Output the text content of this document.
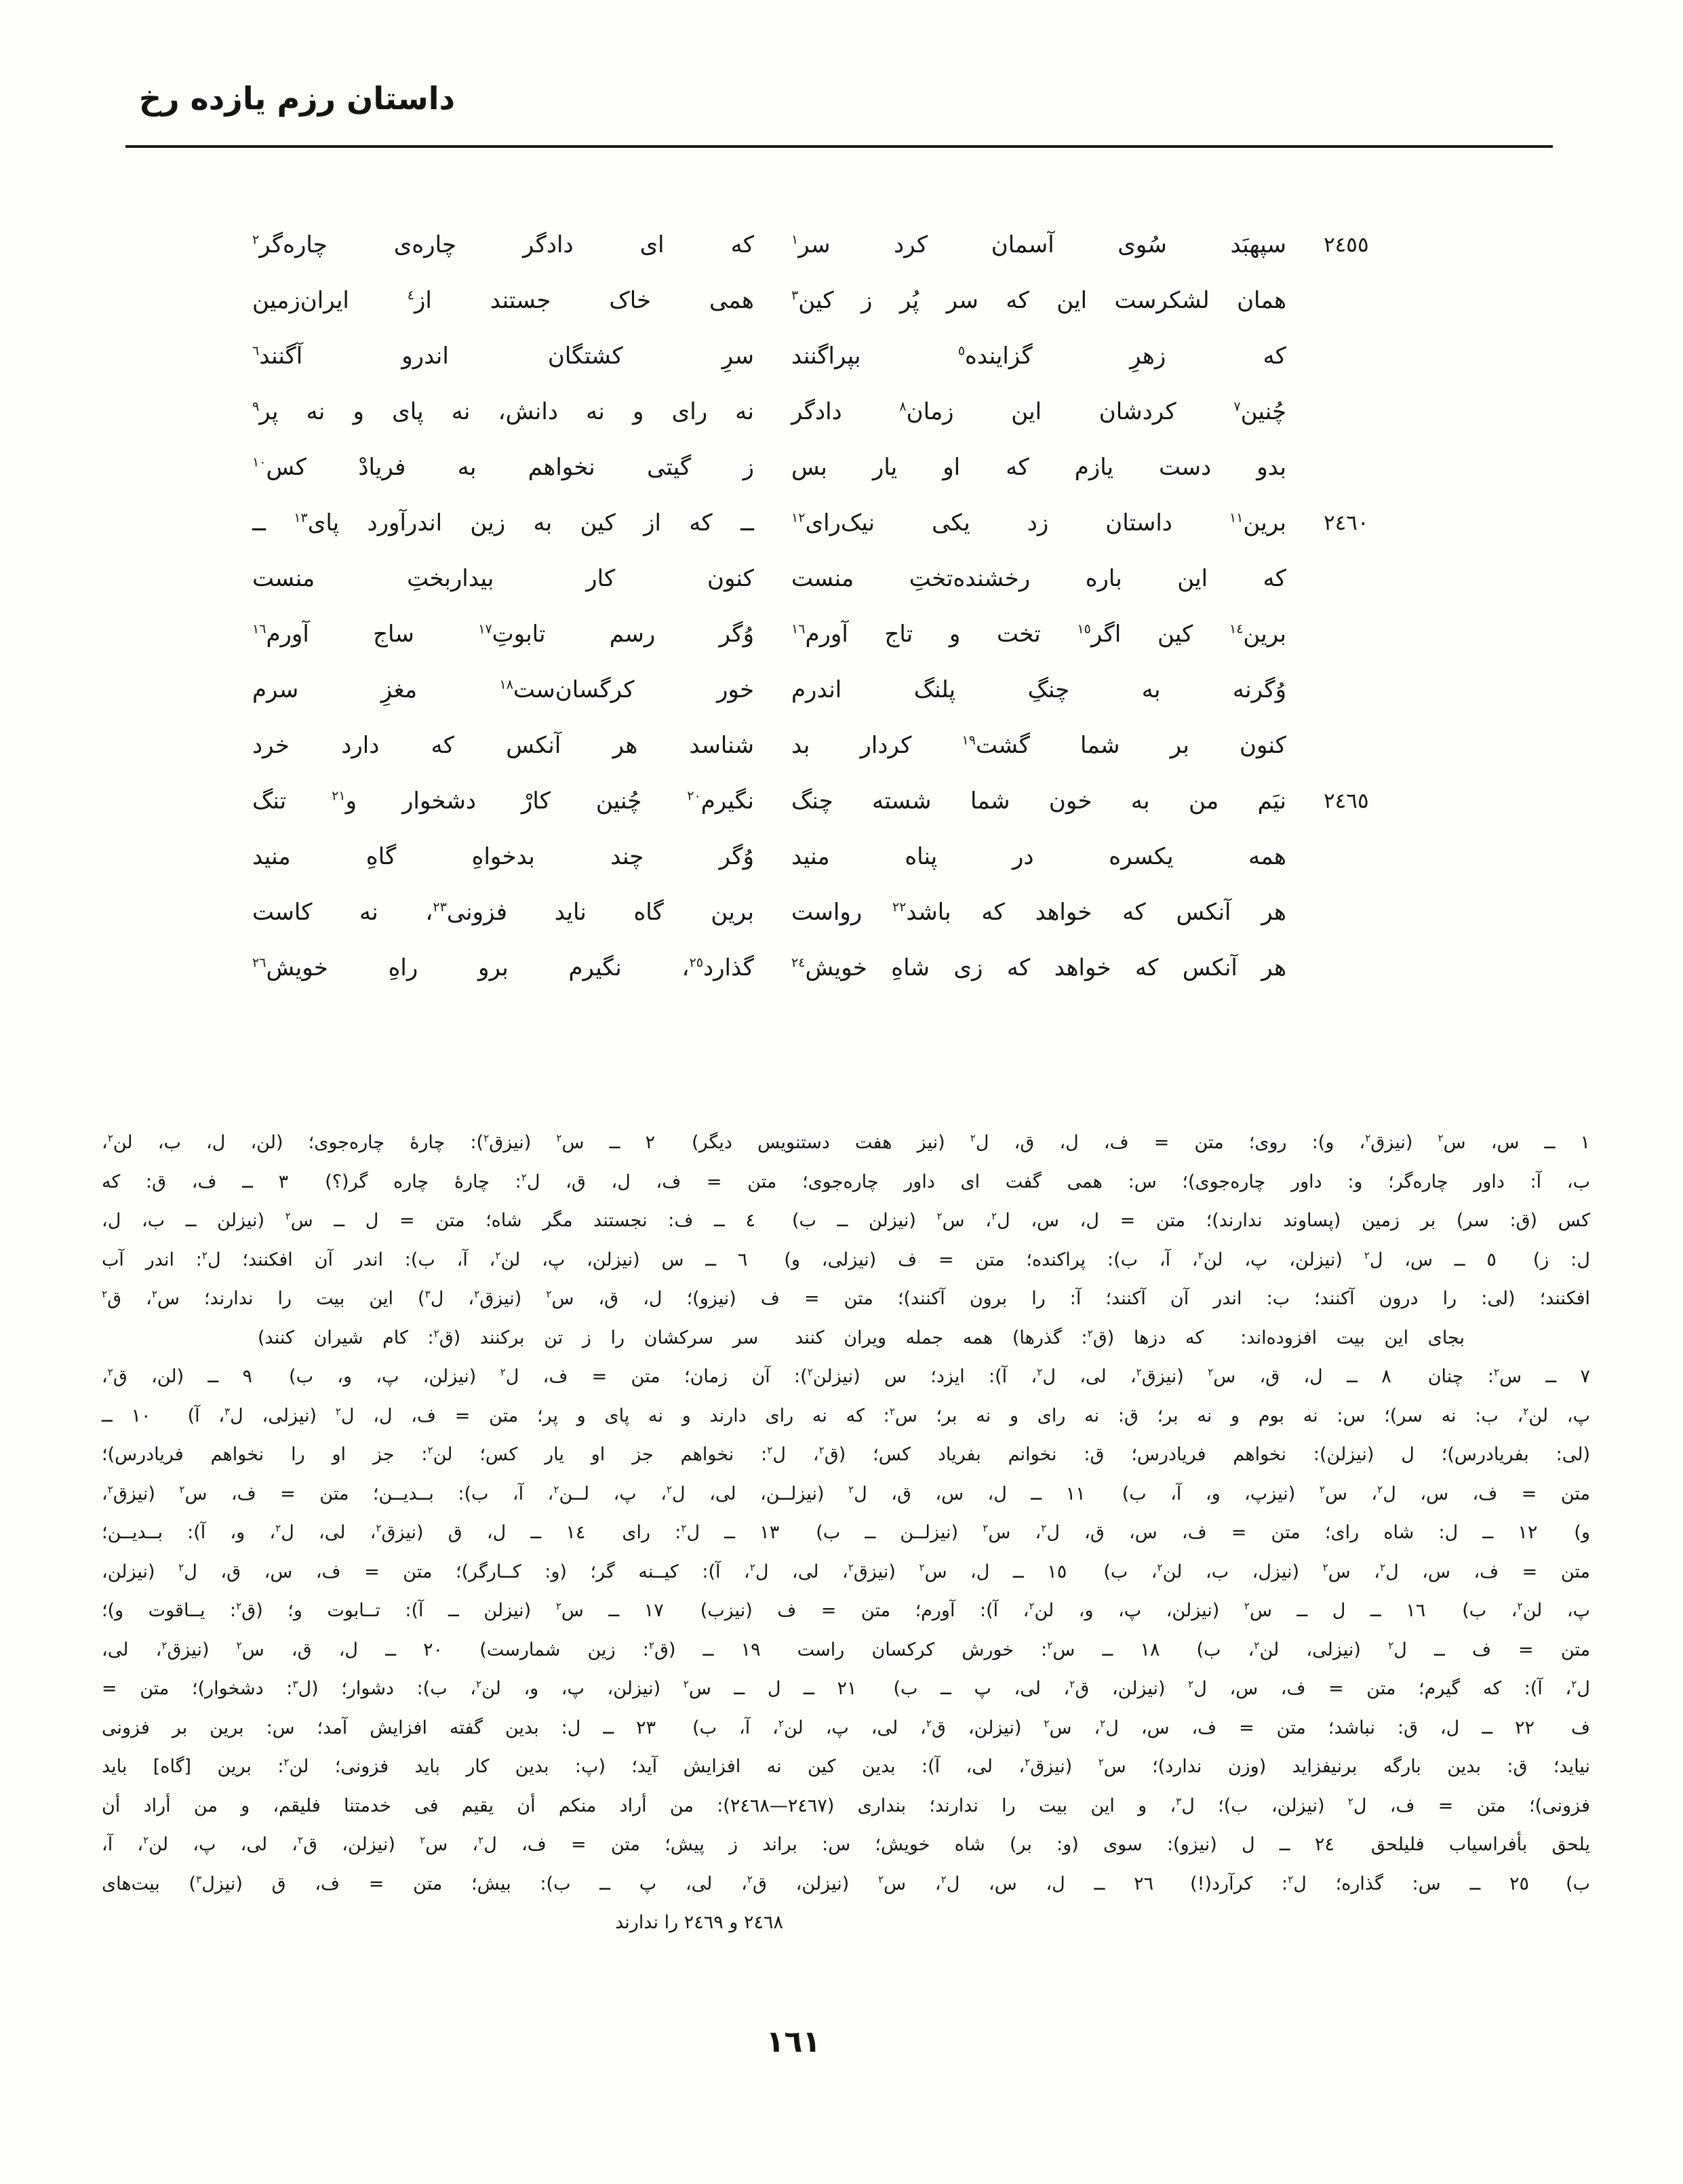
داستان رزم یازده رخ
٢٤٥٥
سپهبَد سُوی آسمان کرد سر$^١$
که ای دادگر چاره‌ی چاره‌گر$^٢$
همان لشکرست این که سر پُر ز کین$^٣$
همی خاک جستند از$^٤$ ایران‌زمین
که زهرِ گزاینده$^٥$ بپراگنند
سرِ کشتگان اندرو آگنند$^٦$
چُنین$^٧$ کردشان این زمان$^٨$ دادگر
نه رای و نه دانش، نه پای و نه پر$^٩$
بدو دست یازم که او یار بس
ز گیتی نخواهم به فریادْ کس$^{١٠}$
٢٤٦٠
برین$^{١١}$ داستان زد یکی نیک‌رای$^{١٢}$
ــ که از کین به زین اندرآورد پای$^{١٣}$ ــ
که این باره رخشنده‌تختِ منست
کنون کار بیداربختِ منست
برین$^{١٤}$ کین اگر$^{١٥}$ تخت و تاج آورم$^{١٦}$
وُگر رسم تابوتِ$^{١٧}$ ساج آورم$^{١٦}$
وُگرنه به چنگِ پلنگ اندرم
خور کرگسان‌ست$^{١٨}$ مغزِ سرم
کنون بر شما گشت$^{١٩}$ کردار بد
شناسد هر آنکس که دارد خرد
٢٤٦٥
نیَم من به خون شما شسته چنگ
نگیرم$^{٢٠}$ چُنین کارْ دشخوار و$^{٢١}$ تنگ
همه یکسره در پناه منید
وُگر چند بدخواهِ گاهِ منید
هر آنکس که خواهد که باشد$^{٢٢}$ رواست
برین گاه ناید فزونی$^{٢٣}$، نه کاست
هر آنکس که خواهد که زی شاهِ خویش$^{٢٤}$
گذارد$^{٢٥}$، نگیرم برو راهِ خویش$^{٢٦}$
١ ــ س، س$^٢$ (نیزق$^٢$، و): روی؛ متن = ف، ل، ق، ل$^٢$ (نیز هفت دستنویس دیگر)  ٢ ــ س$^٢$ (نیزق$^٢$): چارهٔ چاره‌جوی؛ (لن، ل، ب، لن$^٢$،
ب، آ: داور چاره‌گر؛ و: داور چاره‌جوی)؛ س: همی گفت ای داور چاره‌جوی؛ متن = ف، ل، ق، ل$^٢$: چارهٔ چاره گر(؟)  ٣ ــ ف، ق: که
کس (ق: سر) بر زمین (پساوند ندارند)؛ متن = ل، س، ل$^٢$، س$^٢$ (نیزلن ــ ب)  ٤ ــ ف: نجستند مگر شاه؛ متن = ل ــ س$^٢$ (نیزلن ــ ب، ل،
ل: ز)  ٥ ــ س، ل$^٢$ (نیزلن، پ، لن$^٢$، آ، ب): پراکنده؛ متن = ف (نیزلی، و)  ٦ ــ س (نیزلن، پ، لن$^٢$، آ، ب): اندر آن افکنند؛ ل$^٢$: اندر آب
افکنند؛ (لی: را درون آکنند؛ ب: اندر آن آکنند؛ آ: را برون آکنند)؛ متن = ف (نیزو)؛ ل، ق، س$^٢$ (نیزق$^٢$، ل$^٣$) این بیت را ندارند؛ س$^٢$، ق$^٢$
بجای این بیت افزوده‌اند:  که دزها (ق$^٢$: گذرها) همه جمله ویران کنند  سر سرکشان را ز تن برکنند (ق$^٢$: کام شیران کنند)
٧ ــ س$^٢$: چنان  ٨ ــ ل، ق، س$^٢$ (نیزق$^٢$، لی، ل$^٢$، آ): ایزد؛ س (نیزلن$^٢$): آن زمان؛ متن = ف، ل$^٢$ (نیزلن، پ، و، ب)  ٩ ــ (لن، ق$^٢$،
پ، لن$^٢$، ب: نه سر)؛ س: نه بوم و نه بر؛ ق: نه رای و نه بر؛ س$^٢$: که نه رای دارند و نه پای و پر؛ متن = ف، ل، ل$^٢$ (نیزلی، ل$^٣$، آ)  ١٠ ــ
(لی: بفریادرس)؛ ل (نیزلن): نخواهم فریادرس؛ ق: نخوانم بفریاد کس؛ (ق$^٢$، ل$^٢$: نخواهم جز او یار کس؛ لن$^٢$: جز او را نخواهم فریادرس)؛
متن = ف، س، ل$^٢$، س$^٢$ (نیزپ، و، آ، ب)  ١١ ــ ل، س، ق، ل$^٢$ (نیزلــن، لی، ل$^٢$، پ، لــن$^٢$، آ، ب): بــدیــن؛ متن = ف، س$^٢$ (نیزق$^٢$،
و)  ١٢ ــ ل: شاه رای؛ متن = ف، س، ق، ل$^٢$، س$^٢$ (نیزلــن ــ ب)  ١٣ ــ ل$^٢$: رای  ١٤ ــ ل، ق (نیزق$^٢$، لی، ل$^٢$، و، آ): بــدیــن؛
متن = ف، س، ل$^٢$، س$^٢$ (نیزل، ب، لن$^٢$، ب)  ١٥ ــ ل، س$^٢$ (نیزق$^٢$، لی، ل$^٢$، آ): کیــنه گر؛ (و: کــارگر)؛ متن = ف، س، ق، ل$^٢$ (نیزلن،
پ، لن$^٢$، ب)  ١٦ ــ ل ــ س$^٢$ (نیزلن، پ، و، لن$^٢$، آ): آورم؛ متن = ف (نیزب)  ١٧ ــ س$^٢$ (نیزلن ــ آ): تــابوت و؛ (ق$^٢$: یــاقوت و)؛
متن = ف ــ ل$^٢$ (نیزلی، لن$^٢$، ب)  ١٨ ــ س$^٢$: خورش کرکسان راست  ١٩ ــ (ق$^٢$: زین شمارست)  ٢٠ ــ ل، ق، س$^٢$ (نیزق$^٢$، لی،
ل$^٢$، آ): که گیرم؛ متن = ف، س، ل$^٢$ (نیزلن، ق$^٢$، لی، پ ــ ب)  ٢١ ــ ل ــ س$^٢$ (نیزلن، پ، و، لن$^٢$، ب): دشوار؛ (ل$^٣$: دشخوار)؛ متن =
ف  ٢٢ ــ ل، ق: نباشد؛ متن = ف، س، ل$^٢$، س$^٢$ (نیزلن، ق$^٢$، لی، پ، لن$^٢$، آ، ب)  ٢٣ ــ ل: بدین گفته افزایش آمد؛ س: برین بر فزونی
نیاید؛ ق: بدین بارگه برنیفزاید (وزن ندارد)؛ س$^٢$ (نیزق$^٢$، لی، آ): بدین کین نه افزایش آید؛ (پ: بدین کار باید فزونی؛ لن$^٢$: برین [گاه] باید
فزونی)؛ متن = ف، ل$^٢$ (نیزلن، ب)؛ ل$^٣$، و این بیت را ندارند؛ بنداری (٢٤٦٧—٢٤٦٨): من أراد منکم أن یقیم فی خدمتنا فلیقم، و من أراد أن
یلحق بأفراسیاب فلیلحق  ٢٤ ــ ل (نیزو): سوی (و: بر) شاه خویش؛ س: براند ز پیش؛ متن = ف، ل$^٢$، س$^٢$ (نیزلن، ق$^٢$، لی، پ، لن$^٢$، آ،
ب)  ٢٥ ــ س: گذاره؛ ل$^٢$: کرآرد(!)  ٢٦ ــ ل، س، ل$^٢$، س$^٢$ (نیزلن، ق$^٢$، لی، پ ــ ب): بیش؛ متن = ف، ق (نیزل$^٣$) بیت‌های
٢٤٦٨ و ٢٤٦٩ را ندارند
١٦١
